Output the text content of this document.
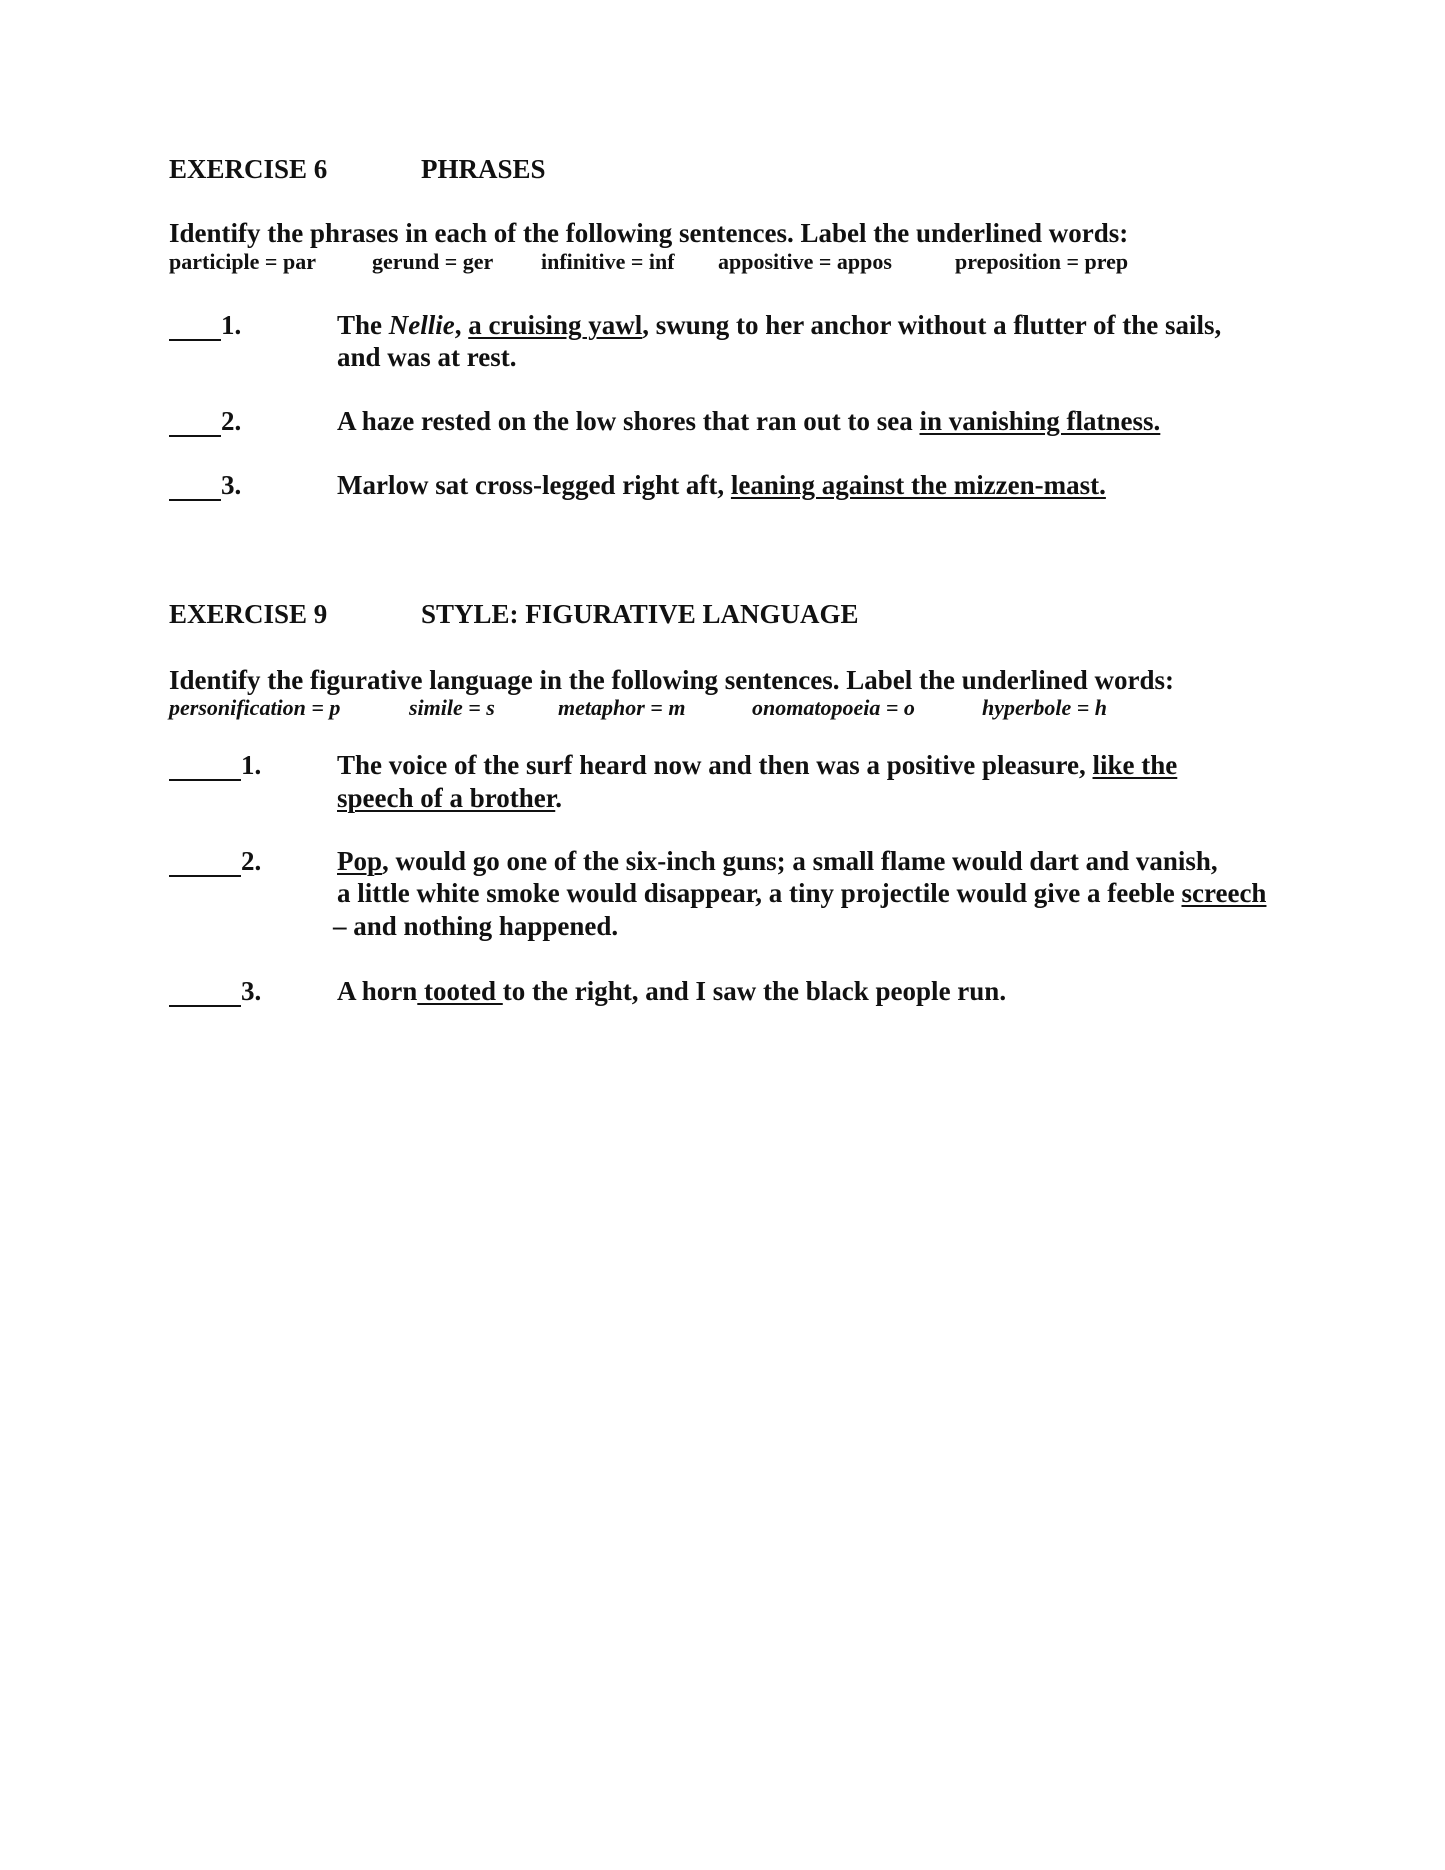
EXERCISE 6	PHRASES
Identify the phrases in each of the following sentences. Label the underlined words:
participle = par	gerund = ger infinitive = inf appositive = appos	preposition = prep
1.	The Nellie, a cruising yawl, swung to her anchor without a flutter of the sails,
and was at rest.
2.	A haze rested on the low shores that ran out to sea in vanishing flatness.
3.	Marlow sat cross-legged right aft, leaning against the mizzen-mast.
EXERCISE 9	STYLE: FIGURATIVE LANGUAGE
Identify the figurative language in the following sentences. Label the underlined words:
personification = p	simile = s	metaphor = m	onomatopoeia = o	hyperbole = h
1.	The voice of the surf heard now and then was a positive pleasure, like the
speech of a brother.
2.	Pop, would go one of the six-inch guns; a small flame would dart and vanish,
a little white smoke would disappear, a tiny projectile would give a feeble screech
– and nothing happened.
3.	A horn tooted to the right, and I saw the black people run.
